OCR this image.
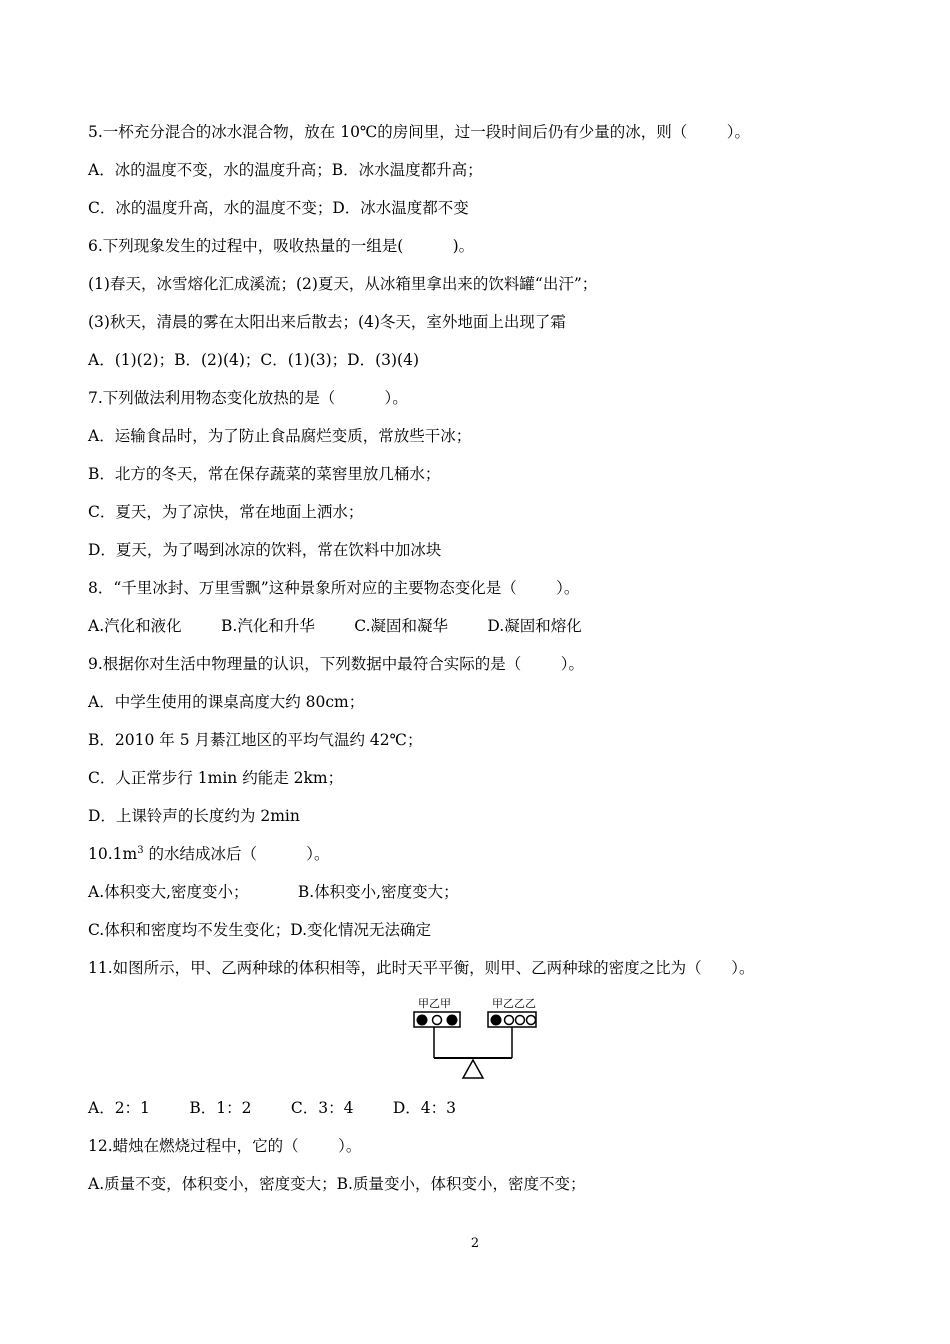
5.一杯充分混合的冰水混合物，放在 10℃的房间里，过一段时间后仍有少量的冰，则（        ）。
A．冰的温度不变，水的温度升高；B．冰水温度都升高；
C．冰的温度升高，水的温度不变；D．冰水温度都不变
6.下列现象发生的过程中，吸收热量的一组是(          )。
(1)春天，冰雪熔化汇成溪流；(2)夏天，从冰箱里拿出来的饮料罐“出汗”；
(3)秋天，清晨的雾在太阳出来后散去；(4)冬天，室外地面上出现了霜
A．(1)(2)；B．(2)(4)；C．(1)(3)；D．(3)(4)
7.下列做法利用物态变化放热的是（          ）。
A．运输食品时，为了防止食品腐烂变质，常放些干冰；
B．北方的冬天，常在保存蔬菜的菜窖里放几桶水；
C．夏天，为了凉快，常在地面上洒水；
D．夏天，为了喝到冰凉的饮料，常在饮料中加冰块
8．“千里冰封、万里雪飘”这种景象所对应的主要物态变化是（        ）。
A.汽化和液化        B.汽化和升华        C.凝固和凝华        D.凝固和熔化
9.根据你对生活中物理量的认识，下列数据中最符合实际的是（        ）。
A．中学生使用的课桌高度大约 80cm；
B．2010 年 5 月綦江地区的平均气温约 42℃；
C．人正常步行 1min 约能走 2km；
D．上课铃声的长度约为 2min
$10.1m^3$ 的水结成冰后（          ）。
A.体积变大,密度变小；          B.体积变小,密度变大；
C.体积和密度均不发生变化；D.变化情况无法确定
11.如图所示，甲、乙两种球的体积相等，此时天平平衡，则甲、乙两种球的密度之比为（      ）。
甲乙甲	甲乙乙乙
A．2：1        B．1：2        C．3：4        D．4：3
12.蜡烛在燃烧过程中，它的（        ）。
A.质量不变，体积变小，密度变大；B.质量变小，体积变小，密度不变；
2
